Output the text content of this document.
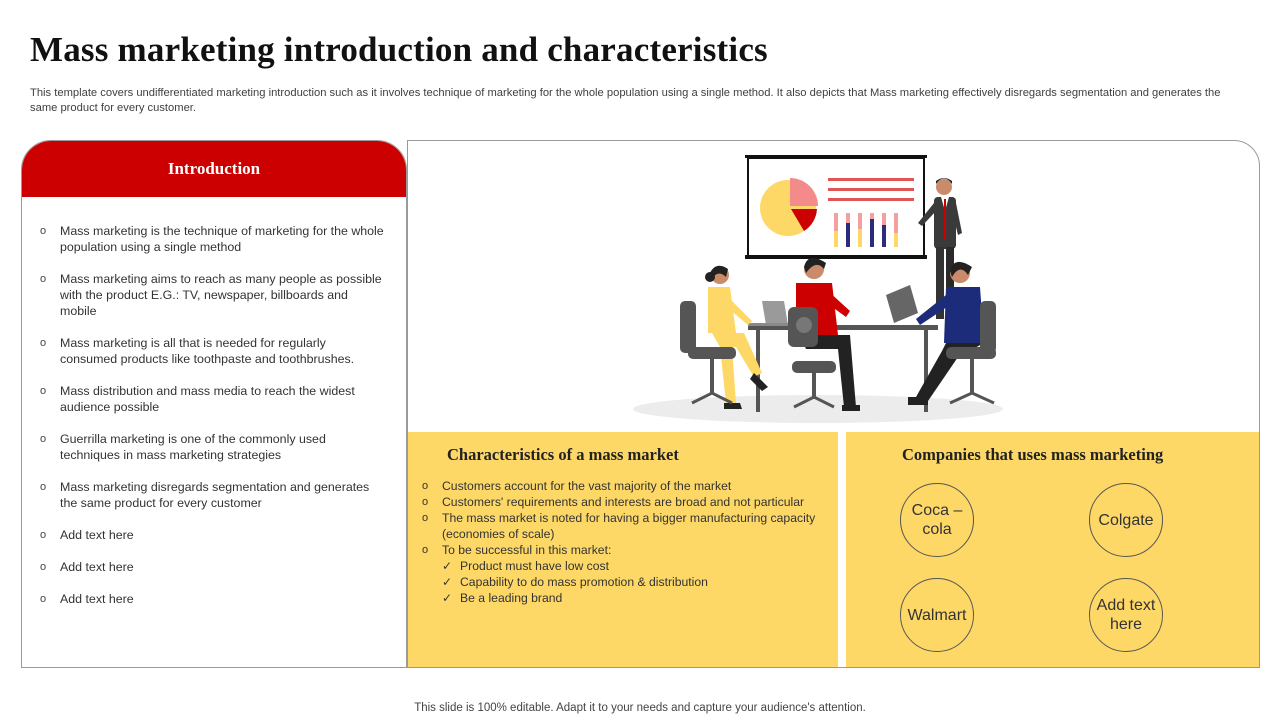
Mass marketing introduction and characteristics
This template covers undifferentiated marketing introduction such as it involves technique of marketing for the whole population using a single method. It also depicts that Mass marketing effectively disregards segmentation and generates the same product for every customer.
Introduction
o Mass marketing is the technique of marketing for the whole population using a single method
o Mass marketing aims to reach as many people as possible with the product E.G.: TV, newspaper, billboards and mobile
o Mass marketing is all that is needed for regularly consumed products like toothpaste and toothbrushes.
o Mass distribution and mass media to reach the widest audience possible
o Guerrilla marketing is one of the commonly used techniques in mass marketing strategies
o Mass marketing disregards segmentation and generates the same product for every customer
o Add text here
o Add text here
o Add text here
Characteristics of a mass market
o Customers account for the vast majority of the market
o Customers' requirements and interests are broad and not particular
o The mass market is noted for having a bigger manufacturing capacity (economies of scale)
o To be successful in this market:
✓ Product must have low cost
✓ Capability to do mass promotion & distribution
✓ Be a leading brand
Companies that uses mass marketing
Coca – cola
Colgate
Walmart
Add text here
This slide is 100% editable. Adapt it to your needs and capture your audience's attention.
